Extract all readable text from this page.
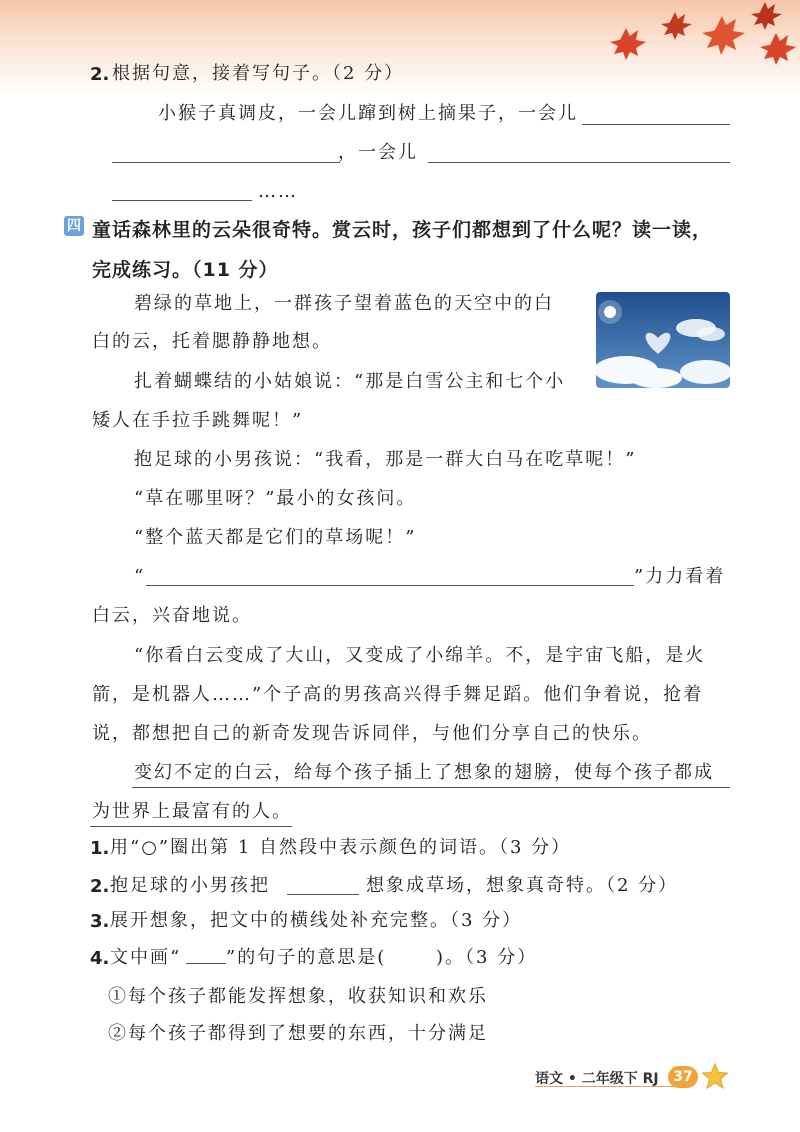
2. 根据句意，接着写句子。（2 分）
小猴子真调皮，一会儿蹿到树上摘果子，一会儿
，一会儿
……
四 童话森林里的云朵很奇特。赏云时，孩子们都想到了什么呢？读一读，
完成练习。（11 分）
碧绿的草地上，一群孩子望着蓝色的天空中的白
白的云，托着腮静静地想。
扎着蝴蝶结的小姑娘说：“那是白雪公主和七个小
矮人在手拉手跳舞呢！”
抱足球的小男孩说：“我看，那是一群大白马在吃草呢！”
“草在哪里呀？”最小的女孩问。
“整个蓝天都是它们的草场呢！”
“	”力力看着
白云，兴奋地说。
“你看白云变成了大山，又变成了小绵羊。不，是宇宙飞船，是火
箭，是机器人……”个子高的男孩高兴得手舞足蹈。他们争着说，抢着
说，都想把自己的新奇发现告诉同伴，与他们分享自己的快乐。
变幻不定的白云，给每个孩子插上了想象的翅膀，使每个孩子都成
为世界上最富有的人。
1. 用“○”圈出第 1 自然段中表示颜色的词语。（3 分）
2. 抱足球的小男孩把	想象成草场，想象真奇特。（2 分）
3. 展开想象，把文中的横线处补充完整。（3 分）
4. 文中画“ ”的句子的意思是(	)。（3 分）
①每个孩子都能发挥想象，收获知识和欢乐
②每个孩子都得到了想要的东西，十分满足
语文 • 二年级下 RJ	37
